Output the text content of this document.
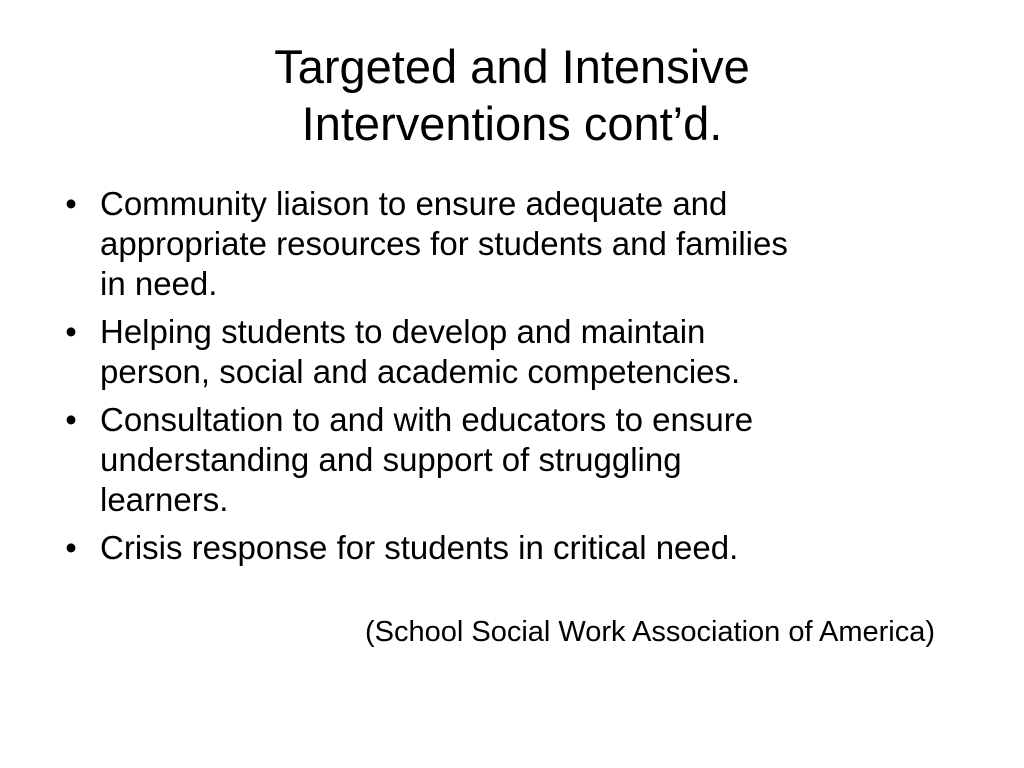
Targeted and Intensive
Interventions cont’d.
• Community liaison to ensure adequate and
appropriate resources for students and families
in need.
• Helping students to develop and maintain
person, social and academic competencies.
• Consultation to and with educators to ensure
understanding and support of struggling
learners.
• Crisis response for students in critical need.

(School Social Work Association of America)
